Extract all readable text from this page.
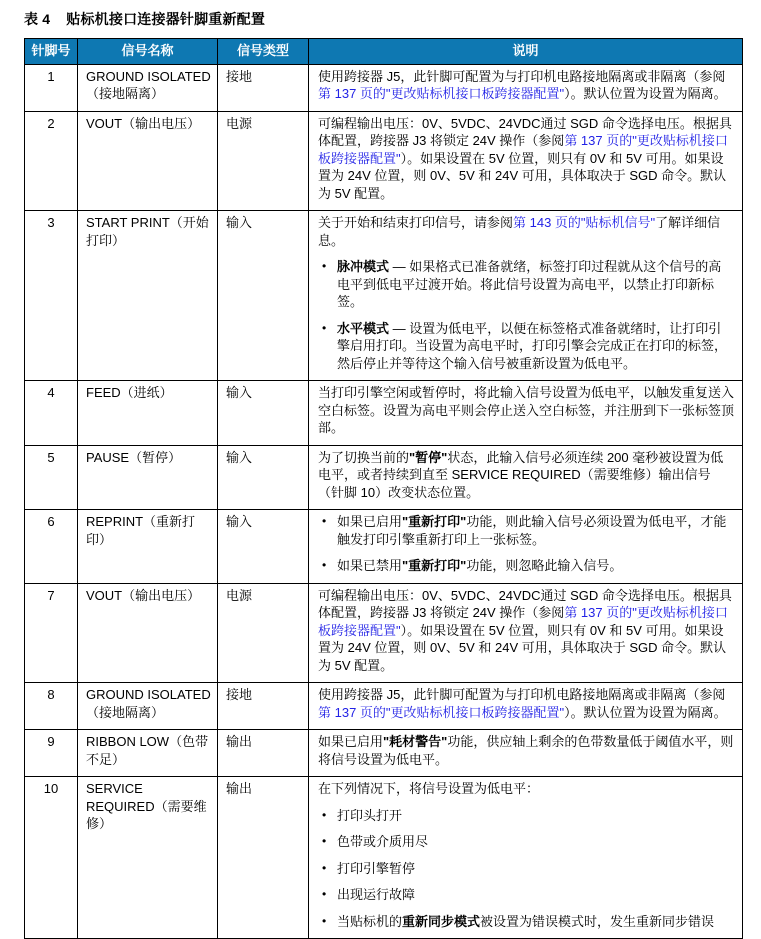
表 4 贴标机接口连接器针脚重新配置
针脚号	信号名称	信号类型	说明
1	GROUND ISOLATED（接地隔离）	接地	使用跨接器 J5，此针脚可配置为与打印机电路接地隔离或非隔离（参阅第 137 页的"更改贴标机接口板跨接器配置"）。默认位置为设置为隔离。

2	VOUT（输出电压）	电源	可编程输出电压：0V、5VDC、24VDC通过 SGD 命令选择电压。根据具体配置，跨接器 J3 将锁定 24V 操作（参阅第 137 页的"更改贴标机接口板跨接器配置"）。如果设置在 5V 位置，则只有 0V 和 5V 可用。如果设置为 24V 位置，则 0V、5V 和 24V 可用，具体取决于 SGD 命令。默认为 5V 配置。

3	START PRINT（开始打印）	输入	关于开始和结束打印信号，请参阅第 143 页的"贴标机信号"了解详细信息。
• 脉冲模式 — 如果格式已准备就绪，标签打印过程就从这个信号的高电平到低电平过渡开始。将此信号设置为高电平，以禁止打印新标签。
• 水平模式 — 设置为低电平，以便在标签格式准备就绪时，让打印引擎启用打印。当设置为高电平时，打印引擎会完成正在打印的标签，然后停止并等待这个输入信号被重新设置为低电平。

4	FEED（进纸）	输入	当打印引擎空闲或暂停时，将此输入信号设置为低电平，以触发重复送入空白标签。设置为高电平则会停止送入空白标签，并注册到下一张标签顶部。

5	PAUSE（暂停）	输入	为了切换当前的"暂停"状态，此输入信号必须连续 200 毫秒被设置为低电平，或者持续到直至 SERVICE REQUIRED（需要维修）输出信号（针脚 10）改变状态位置。

6	REPRINT（重新打印）	输入	• 如果已启用"重新打印"功能，则此输入信号必须设置为低电平，才能触发打印引擎重新打印上一张标签。
• 如果已禁用"重新打印"功能，则忽略此输入信号。

7	VOUT（输出电压）	电源	可编程输出电压：0V、5VDC、24VDC通过 SGD 命令选择电压。根据具体配置，跨接器 J3 将锁定 24V 操作（参阅第 137 页的"更改贴标机接口板跨接器配置"）。如果设置在 5V 位置，则只有 0V 和 5V 可用。如果设置为 24V 位置，则 0V、5V 和 24V 可用，具体取决于 SGD 命令。默认为 5V 配置。

8	GROUND ISOLATED （接地隔离）	接地	使用跨接器 J5，此针脚可配置为与打印机电路接地隔离或非隔离（参阅第 137 页的"更改贴标机接口板跨接器配置"）。默认位置为设置为隔离。

9	RIBBON LOW（色带不足）	输出	如果已启用"耗材警告"功能，供应轴上剩余的色带数量低于阈值水平，则将信号设置为低电平。

10	SERVICE REQUIRED（需要维修）	输出	在下列情况下，将信号设置为低电平：
• 打印头打开
• 色带或介质用尽
• 打印引擎暂停
• 出现运行故障
• 当贴标机的重新同步模式被设置为错误模式时，发生重新同步错误
